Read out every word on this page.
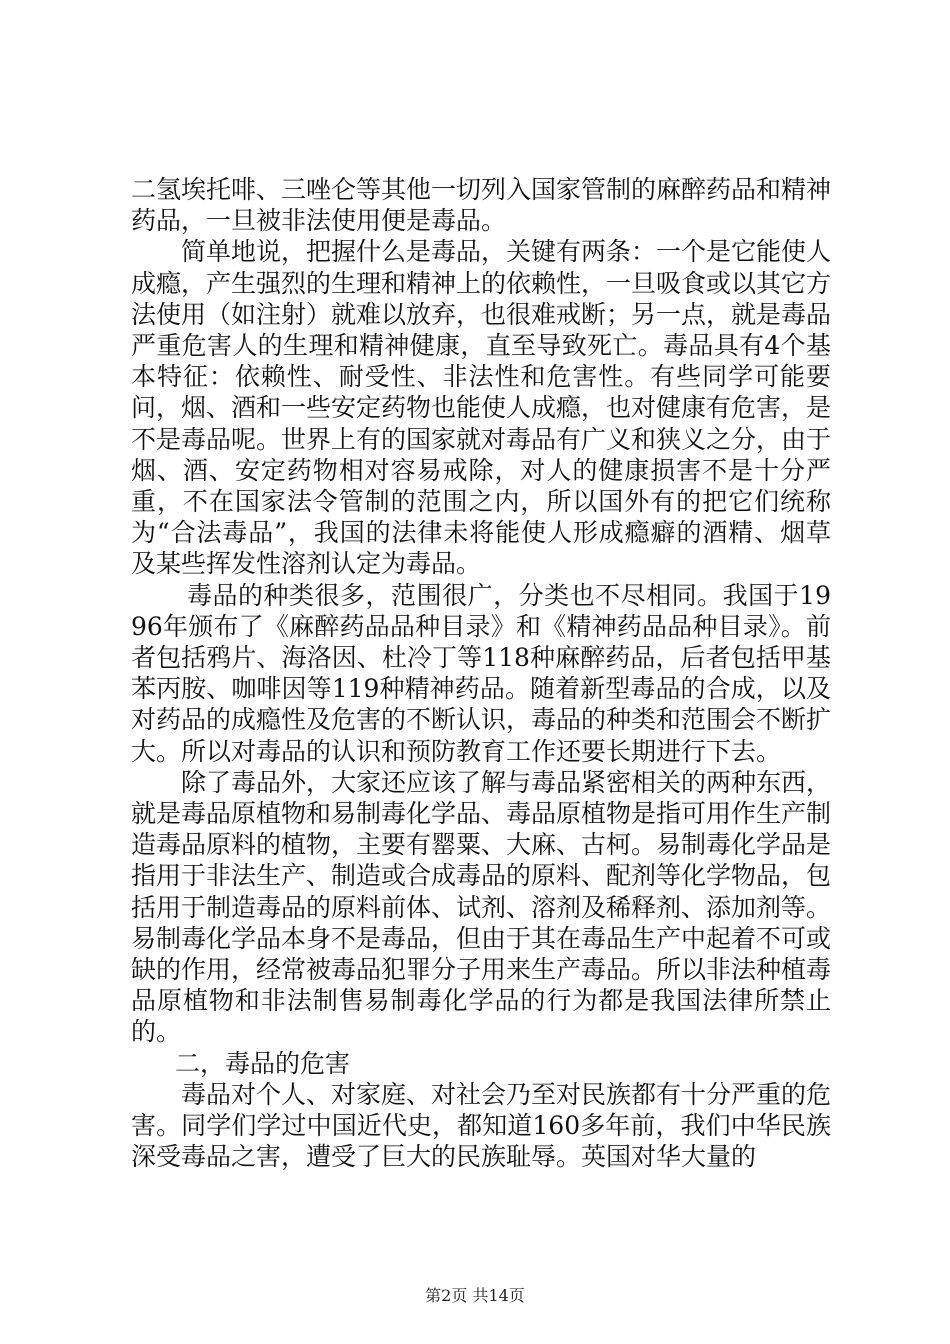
二氢埃托啡、三唑仑等其他一切列入国家管制的麻醉药品和精神药品，一旦被非法使用便是毒品。

简单地说，把握什么是毒品，关键有两条：一个是它能使人成瘾，产生强烈的生理和精神上的依赖性，一旦吸食或以其它方法使用（如注射）就难以放弃，也很难戒断；另一点，就是毒品严重危害人的生理和精神健康，直至导致死亡。毒品具有4个基本特征：依赖性、耐受性、非法性和危害性。有些同学可能要问，烟、酒和一些安定药物也能使人成瘾，也对健康有危害，是不是毒品呢。世界上有的国家就对毒品有广义和狭义之分，由于烟、酒、安定药物相对容易戒除，对人的健康损害不是十分严重，不在国家法令管制的范围之内，所以国外有的把它们统称为“合法毒品”，我国的法律未将能使人形成瘾癖的酒精、烟草及某些挥发性溶剂认定为毒品。

毒品的种类很多，范围很广，分类也不尽相同。我国于1996年颁布了《麻醉药品品种目录》和《精神药品品种目录》。前者包括鸦片、海洛因、杜冷丁等118种麻醉药品，后者包括甲基苯丙胺、咖啡因等119种精神药品。随着新型毒品的合成，以及对药品的成瘾性及危害的不断认识，毒品的种类和范围会不断扩大。所以对毒品的认识和预防教育工作还要长期进行下去。

除了毒品外，大家还应该了解与毒品紧密相关的两种东西，就是毒品原植物和易制毒化学品、毒品原植物是指可用作生产制造毒品原料的植物，主要有罂粟、大麻、古柯。易制毒化学品是指用于非法生产、制造或合成毒品的原料、配剂等化学物品，包括用于制造毒品的原料前体、试剂、溶剂及稀释剂、添加剂等。易制毒化学品本身不是毒品，但由于其在毒品生产中起着不可或缺的作用，经常被毒品犯罪分子用来生产毒品。所以非法种植毒品原植物和非法制售易制毒化学品的行为都是我国法律所禁止的。

二，毒品的危害

毒品对个人、对家庭、对社会乃至对民族都有十分严重的危害。同学们学过中国近代史，都知道160多年前，我们中华民族深受毒品之害，遭受了巨大的民族耻辱。英国对华大量的

第2页 共14页
